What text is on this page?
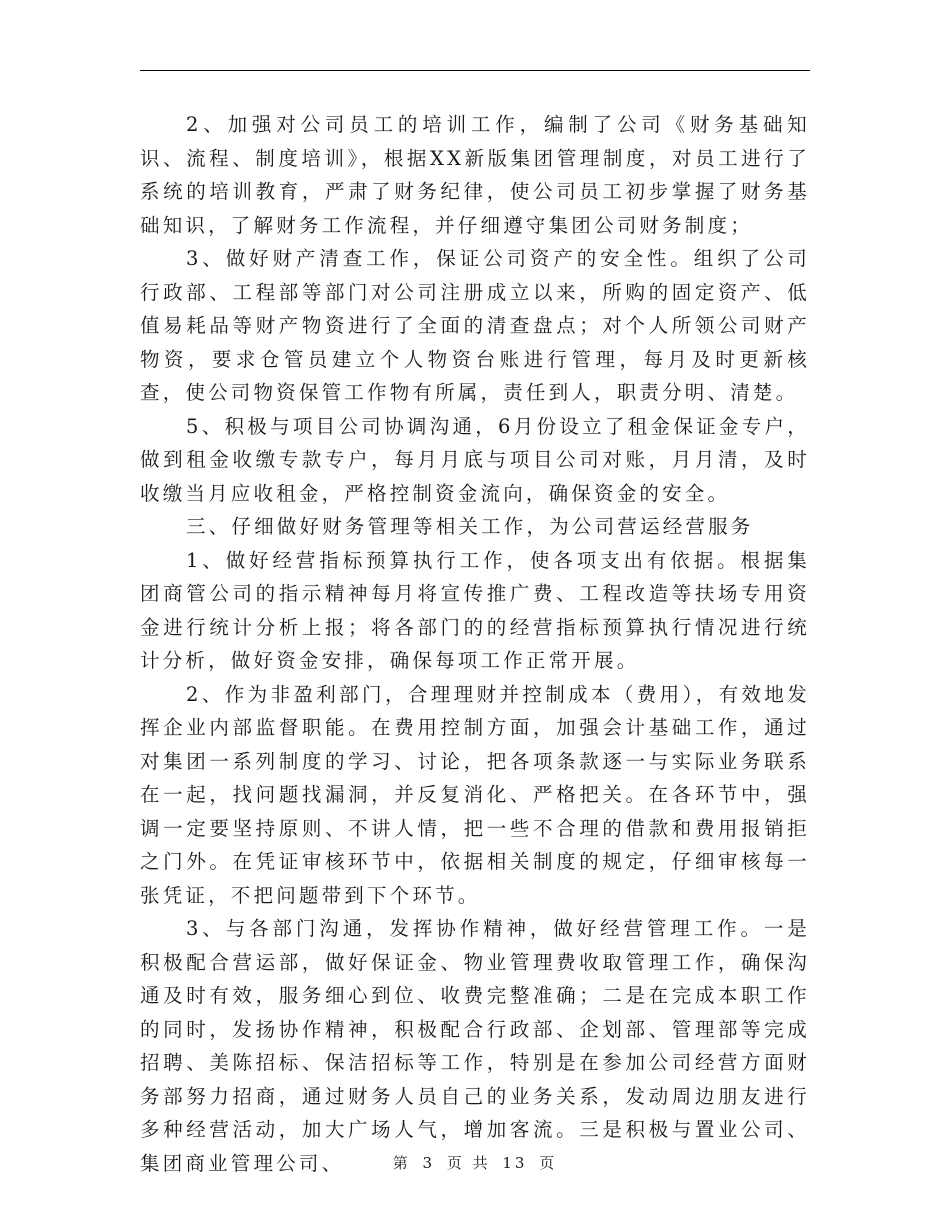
2、加强对公司员工的培训工作，编制了公司《财务基础知识、流程、制度培训》，根据XX新版集团管理制度，对员工进行了系统的培训教育，严肃了财务纪律，使公司员工初步掌握了财务基础知识，了解财务工作流程，并仔细遵守集团公司财务制度；

3、做好财产清查工作，保证公司资产的安全性。组织了公司行政部、工程部等部门对公司注册成立以来，所购的固定资产、低值易耗品等财产物资进行了全面的清查盘点；对个人所领公司财产物资，要求仓管员建立个人物资台账进行管理，每月及时更新核查，使公司物资保管工作物有所属，责任到人，职责分明、清楚。

5、积极与项目公司协调沟通，6月份设立了租金保证金专户，做到租金收缴专款专户，每月月底与项目公司对账，月月清，及时收缴当月应收租金，严格控制资金流向，确保资金的安全。

三、仔细做好财务管理等相关工作，为公司营运经营服务

1、做好经营指标预算执行工作，使各项支出有依据。根据集团商管公司的指示精神每月将宣传推广费、工程改造等扶场专用资金进行统计分析上报；将各部门的的经营指标预算执行情况进行统计分析，做好资金安排，确保每项工作正常开展。

2、作为非盈利部门，合理理财并控制成本（费用），有效地发挥企业内部监督职能。在费用控制方面，加强会计基础工作，通过对集团一系列制度的学习、讨论，把各项条款逐一与实际业务联系在一起，找问题找漏洞，并反复消化、严格把关。在各环节中，强调一定要坚持原则、不讲人情，把一些不合理的借款和费用报销拒之门外。在凭证审核环节中，依据相关制度的规定，仔细审核每一张凭证，不把问题带到下个环节。

3、与各部门沟通，发挥协作精神，做好经营管理工作。一是积极配合营运部，做好保证金、物业管理费收取管理工作，确保沟通及时有效，服务细心到位、收费完整准确；二是在完成本职工作的同时，发扬协作精神，积极配合行政部、企划部、管理部等完成招聘、美陈招标、保洁招标等工作，特别是在参加公司经营方面财务部努力招商，通过财务人员自己的业务关系，发动周边朋友进行多种经营活动，加大广场人气，增加客流。三是积极与置业公司、集团商业管理公司、	第 3 页 共 13 页
